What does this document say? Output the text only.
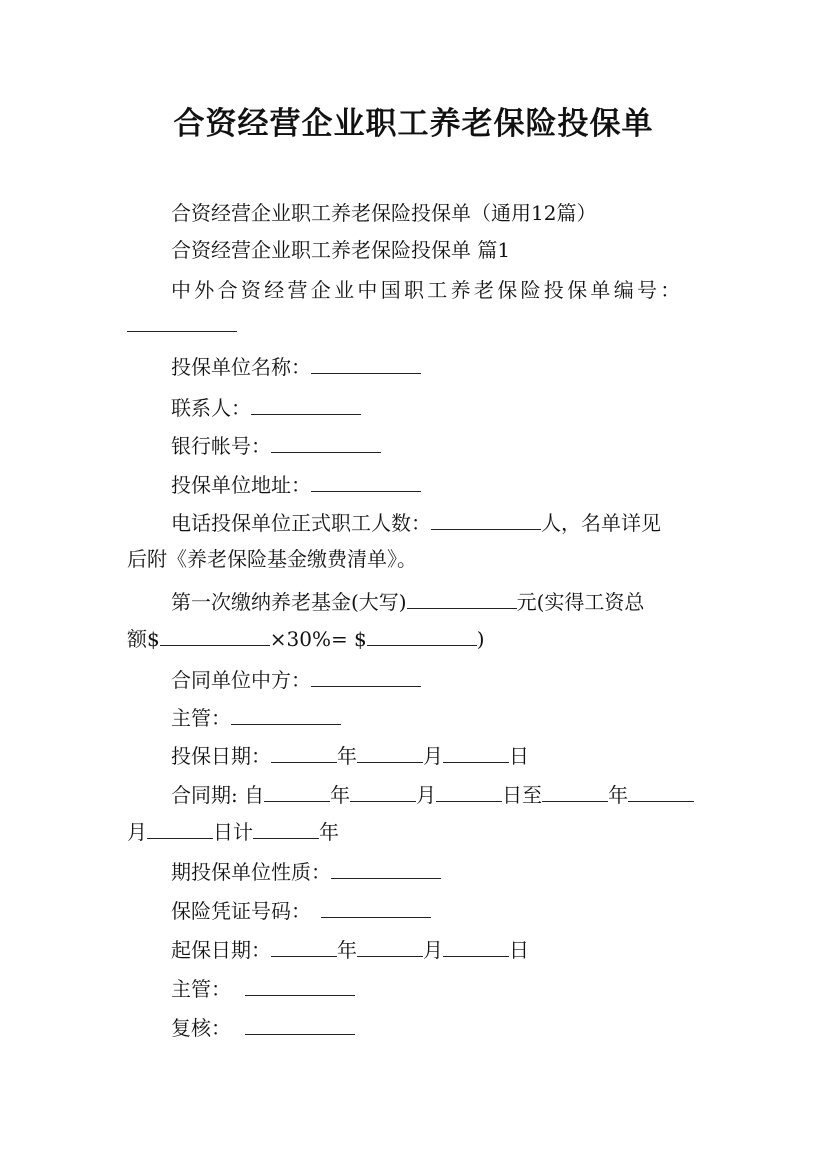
合资经营企业职工养老保险投保单
合资经营企业职工养老保险投保单（通用12篇）
合资经营企业职工养老保险投保单 篇1
中外合资经营企业中国职工养老保险投保单编号：
投保单位名称：
联系人：
银行帐号：
投保单位地址：
电话投保单位正式职工人数：	人，名单详见
后附《养老保险基金缴费清单》。
第一次缴纳养老基金(大写)	元(实得工资总
额$	×30%= $	)
合同单位中方：
主管：
投保日期：	年	月	日
合同期: 自	年	月	日至	年
月	日计	年
期投保单位性质：
保险凭证号码：
起保日期：	年	月	日
主管：
复核：
